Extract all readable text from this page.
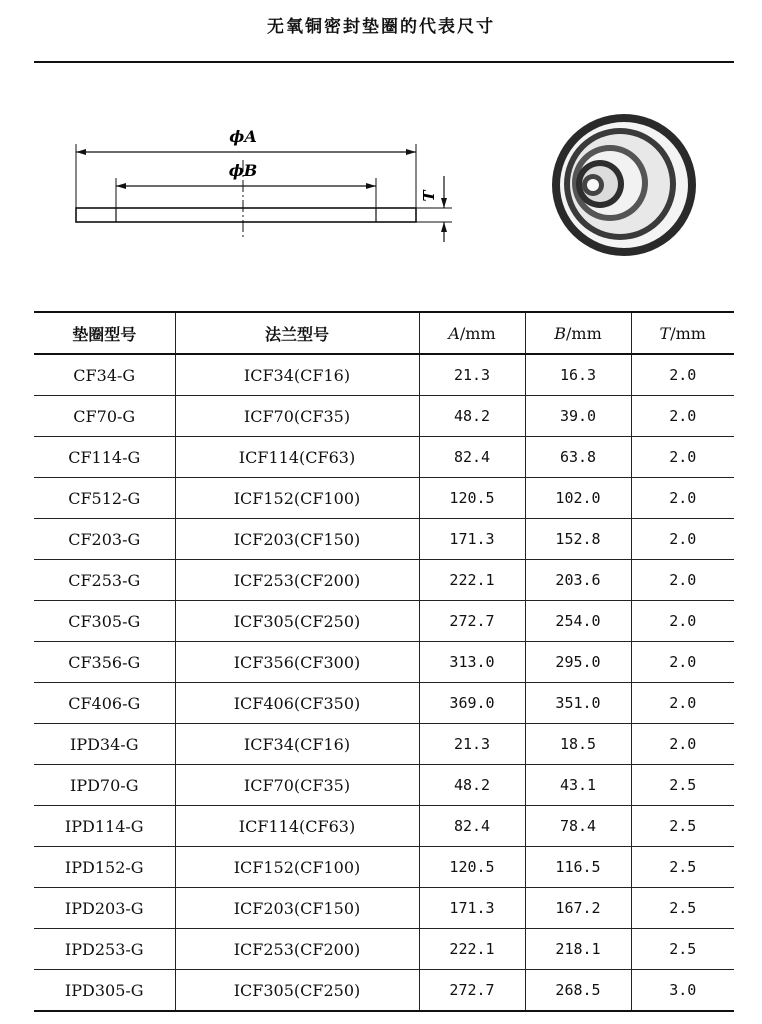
无氧铜密封垫圈的代表尺寸
ϕA
ϕB
T
垫圈型号	法兰型号	A/mm	B/mm	T/mm
CF34-G	ICF34(CF16)	21.3	16.3	2.0
CF70-G	ICF70(CF35)	48.2	39.0	2.0
CF114-G	ICF114(CF63)	82.4	63.8	2.0
CF512-G	ICF152(CF100)	120.5	102.0	2.0
CF203-G	ICF203(CF150)	171.3	152.8	2.0
CF253-G	ICF253(CF200)	222.1	203.6	2.0
CF305-G	ICF305(CF250)	272.7	254.0	2.0
CF356-G	ICF356(CF300)	313.0	295.0	2.0
CF406-G	ICF406(CF350)	369.0	351.0	2.0
IPD34-G	ICF34(CF16)	21.3	18.5	2.0
IPD70-G	ICF70(CF35)	48.2	43.1	2.5
IPD114-G	ICF114(CF63)	82.4	78.4	2.5
IPD152-G	ICF152(CF100)	120.5	116.5	2.5
IPD203-G	ICF203(CF150)	171.3	167.2	2.5
IPD253-G	ICF253(CF200)	222.1	218.1	2.5
IPD305-G	ICF305(CF250)	272.7	268.5	3.0
